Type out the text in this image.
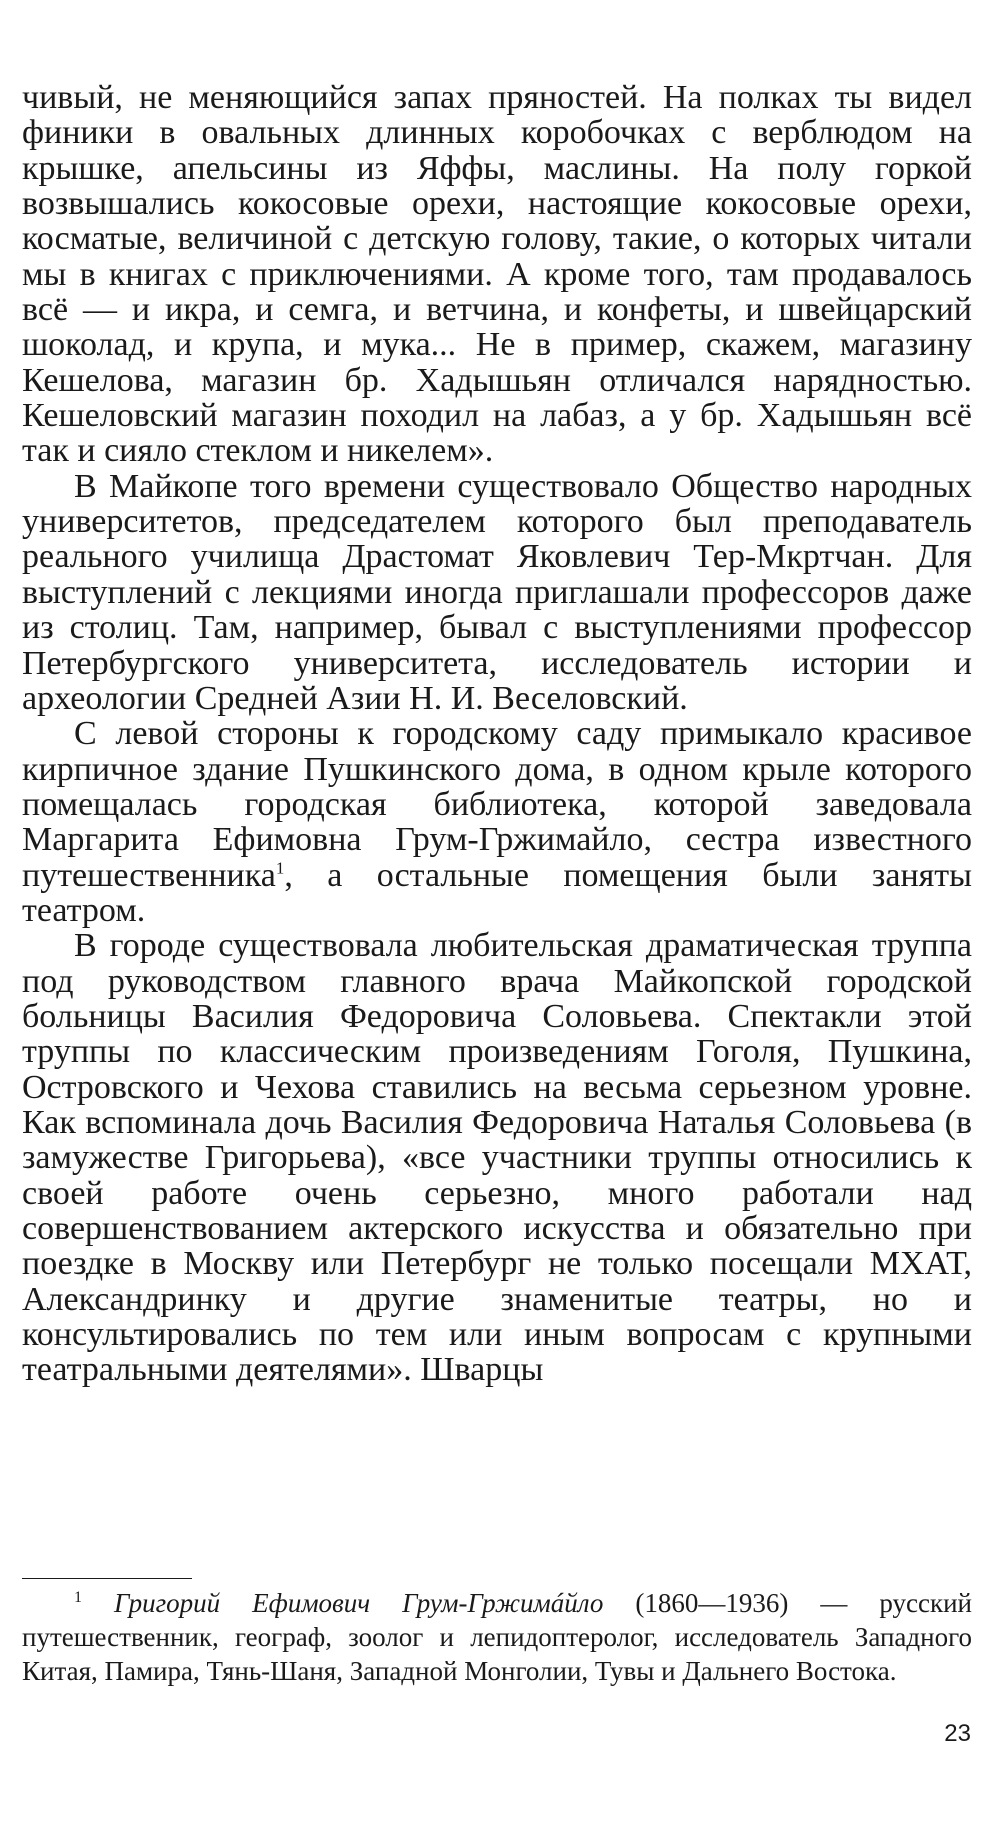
чивый, не меняющийся запах пряностей. На полках ты видел финики в овальных длинных коробочках с верблюдом на крышке, апельсины из Яффы, маслины. На полу горкой возвышались кокосовые орехи, настоящие кокосовые орехи, косматые, величиной с детскую голову, такие, о которых читали мы в книгах с приключениями. А кроме того, там продавалось всё — и икра, и семга, и ветчина, и конфеты, и швейцарский шоколад, и крупа, и мука... Не в пример, скажем, магазину Кешелова, магазин бр. Хадышьян отличался нарядностью. Кешеловский магазин походил на лабаз, а у бр. Хадышьян всё так и сияло стеклом и никелем».

В Майкопе того времени существовало Общество народных университетов, председателем которого был преподаватель реального училища Драстомат Яковлевич Тер-Мкртчан. Для выступлений с лекциями иногда приглашали профессоров даже из столиц. Там, например, бывал с выступлениями профессор Петербургского университета, исследователь истории и археологии Средней Азии Н. И. Веселовский.

С левой стороны к городскому саду примыкало красивое кирпичное здание Пушкинского дома, в одном крыле которого помещалась городская библиотека, которой заведовала Маргарита Ефимовна Грум-Гржимайло, сестра известного путешественника$^1$, а остальные помещения были заняты театром.

В городе существовала любительская драматическая труппа под руководством главного врача Майкопской городской больницы Василия Федоровича Соловьева. Спектакли этой труппы по классическим произведениям Гоголя, Пушкина, Островского и Чехова ставились на весьма серьезном уровне. Как вспоминала дочь Василия Федоровича Наталья Соловьева (в замужестве Григорьева), «все участники труппы относились к своей работе очень серьезно, много работали над совершенствованием актерского искусства и обязательно при поездке в Москву или Петербург не только посещали МХАТ, Александринку и другие знаменитые театры, но и консультировались по тем или иным вопросам с крупными театральными деятелями». Шварцы

$^1$ Григорий Ефимович Грум-Гржимáйло (1860—1936) — русский путешественник, географ, зоолог и лепидоптеролог, исследователь Западного Китая, Памира, Тянь-Шаня, Западной Монголии, Тувы и Дальнего Востока.

23
